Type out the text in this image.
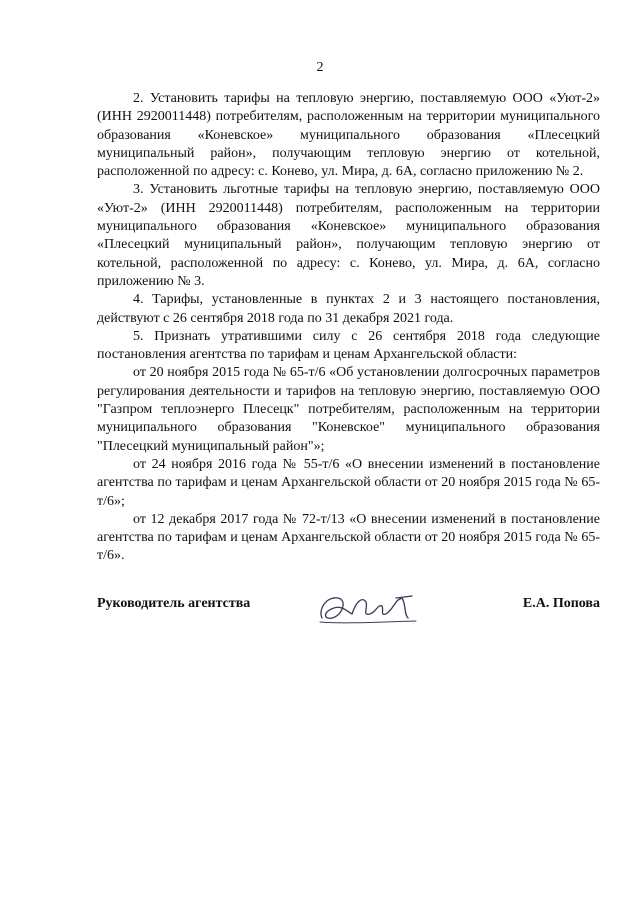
2

2. Установить тарифы на тепловую энергию, поставляемую ООО «Уют-2» (ИНН 2920011448) потребителям, расположенным на территории муниципального образования «Коневское» муниципального образования «Плесецкий муниципальный район», получающим тепловую энергию от котельной, расположенной по адресу: с. Конево, ул. Мира, д. 6А, согласно приложению № 2.

3. Установить льготные тарифы на тепловую энергию, поставляемую ООО «Уют-2» (ИНН 2920011448) потребителям, расположенным на территории муниципального образования «Коневское» муниципального образования «Плесецкий муниципальный район», получающим тепловую энергию от котельной, расположенной по адресу: с. Конево, ул. Мира, д. 6А, согласно приложению № 3.

4. Тарифы, установленные в пунктах 2 и 3 настоящего постановления, действуют с 26 сентября 2018 года по 31 декабря 2021 года.

5. Признать утратившими силу с 26 сентября 2018 года следующие постановления агентства по тарифам и ценам Архангельской области:

от 20 ноября 2015 года № 65-т/6 «Об установлении долгосрочных параметров регулирования деятельности и тарифов на тепловую энергию, поставляемую ООО "Газпром теплоэнерго Плесецк" потребителям, расположенным на территории муниципального образования "Коневское" муниципального образования "Плесецкий муниципальный район"»;

от 24 ноября 2016 года № 55-т/6 «О внесении изменений в постановление агентства по тарифам и ценам Архангельской области от 20 ноября 2015 года № 65-т/6»;

от 12 декабря 2017 года № 72-т/13 «О внесении изменений в постановление агентства по тарифам и ценам Архангельской области от 20 ноября 2015 года № 65-т/6».

Руководитель агентства	Е.А. Попова
